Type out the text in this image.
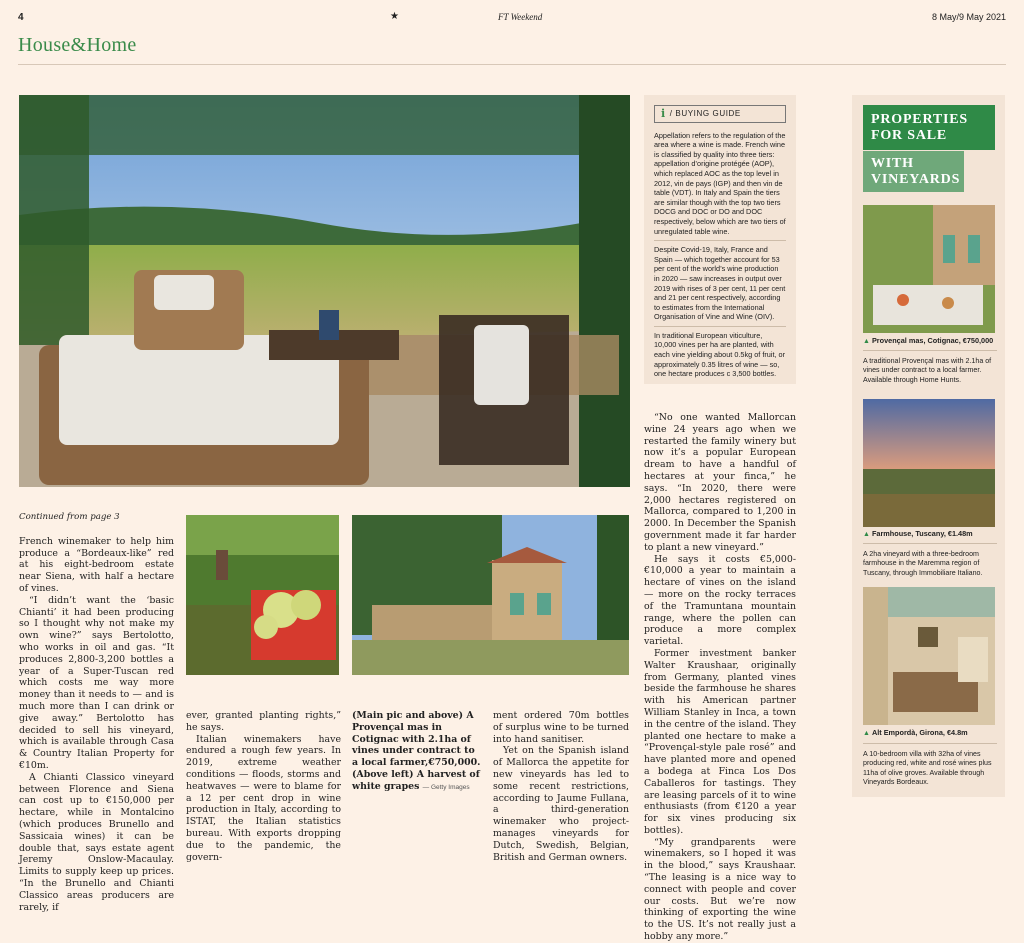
4	★	FT Weekend	8 May/9 May 2021
House&Home

Continued from page 3

French winemaker to help him produce a “Bordeaux-like” red at his eight-bedroom estate near Siena, with half a hectare of vines.

“I didn’t want the ‘basic Chianti’ it had been producing so I thought why not make my own wine?” says Bertolotto, who works in oil and gas. “It produces 2,800-3,200 bottles a year of a Super-Tuscan red which costs me way more money than it needs to — and is much more than I can drink or give away.” Bertolotto has decided to sell his vineyard, which is available through Casa & Country Italian Property for €10m.

A Chianti Classico vineyard between Florence and Siena can cost up to €150,000 per hectare, while in Montalcino (which produces Brunello and Sassicaia wines) it can be double that, says estate agent Jeremy Onslow-Macaulay. Limits to supply keep up prices. “In the Brunello and Chianti Classico areas producers are rarely, if

ever, granted planting rights,” he says.

Italian winemakers have endured a rough few years. In 2019, extreme weather conditions — floods, storms and heatwaves — were to blame for a 12 per cent drop in wine production in Italy, according to ISTAT, the Italian statistics bureau. With exports dropping due to the pandemic, the govern-

(Main pic and above) A Provençal mas in Cotignac with 2.1ha of vines under contract to a local farmer,€750,000. (Above left) A harvest of white grapes — Getty Images

ment ordered 70m bottles of surplus wine to be turned into hand sanitiser.

Yet on the Spanish island of Mallorca the appetite for new vineyards has led to some recent restrictions, according to Jaume Fullana, a third-generation winemaker who project-manages vineyards for Dutch, Swedish, Belgian, British and German owners.

“No one wanted Mallorcan wine 24 years ago when we restarted the family winery but now it’s a popular European dream to have a handful of hectares at your finca,” he says. “In 2020, there were 2,000 hectares registered on Mallorca, compared to 1,200 in 2000. In December the Spanish government made it far harder to plant a new vineyard.”

He says it costs €5,000-€10,000 a year to maintain a hectare of vines on the island — more on the rocky terraces of the Tramuntana mountain range, where the pollen can produce a more complex varietal.

Former investment banker Walter Kraushaar, originally from Germany, planted vines beside the farmhouse he shares with his American partner William Stanley in Inca, a town in the centre of the island. They planted one hectare to make a “Provençal-style pale rosé” and have planted more and opened a bodega at Finca Los Dos Caballeros for tastings. They are leasing parcels of it to wine enthusiasts (from €120 a year for six vines producing six bottles).

“My grandparents were winemakers, so I hoped it was in the blood,” says Kraushaar. “The leasing is a nice way to connect with people and cover our costs. But we’re now thinking of exporting the wine to the US. It’s not really just a hobby any more.”

i / BUYING GUIDE

Appellation refers to the regulation of the area where a wine is made. French wine is classified by quality into three tiers: appellation d’origine protégée (AOP), which replaced AOC as the top level in 2012, vin de pays (IGP) and then vin de table (VDT). In Italy and Spain the tiers are similar though with the top two tiers DOCG and DOC or DO and DOC respectively, below which are two tiers of unregulated table wine.

Despite Covid-19, Italy, France and Spain — which together account for 53 per cent of the world’s wine production in 2020 — saw increases in output over 2019 with rises of 3 per cent, 11 per cent and 21 per cent respectively, according to estimates from the International Organisation of Vine and Wine (OIV).

In traditional European viticulture, 10,000 vines per ha are planted, with each vine yielding about 0.5kg of fruit, or approximately 0.35 litres of wine — so, one hectare produces c 3,500 bottles.

PROPERTIES FOR SALE
WITH VINEYARDS
▲ Provençal mas, Cotignac, €750,000
A traditional Provençal mas with 2.1ha of vines under contract to a local farmer. Available through Home Hunts.
▲ Farmhouse, Tuscany, €1.48m
A 2ha vineyard with a three-bedroom farmhouse in the Maremma region of Tuscany, through Immobiliare Italiano.
▲ Alt Empordà, Girona, €4.8m
A 10-bedroom villa with 32ha of vines producing red, white and rosé wines plus 11ha of olive groves. Available through Vineyards Bordeaux.
